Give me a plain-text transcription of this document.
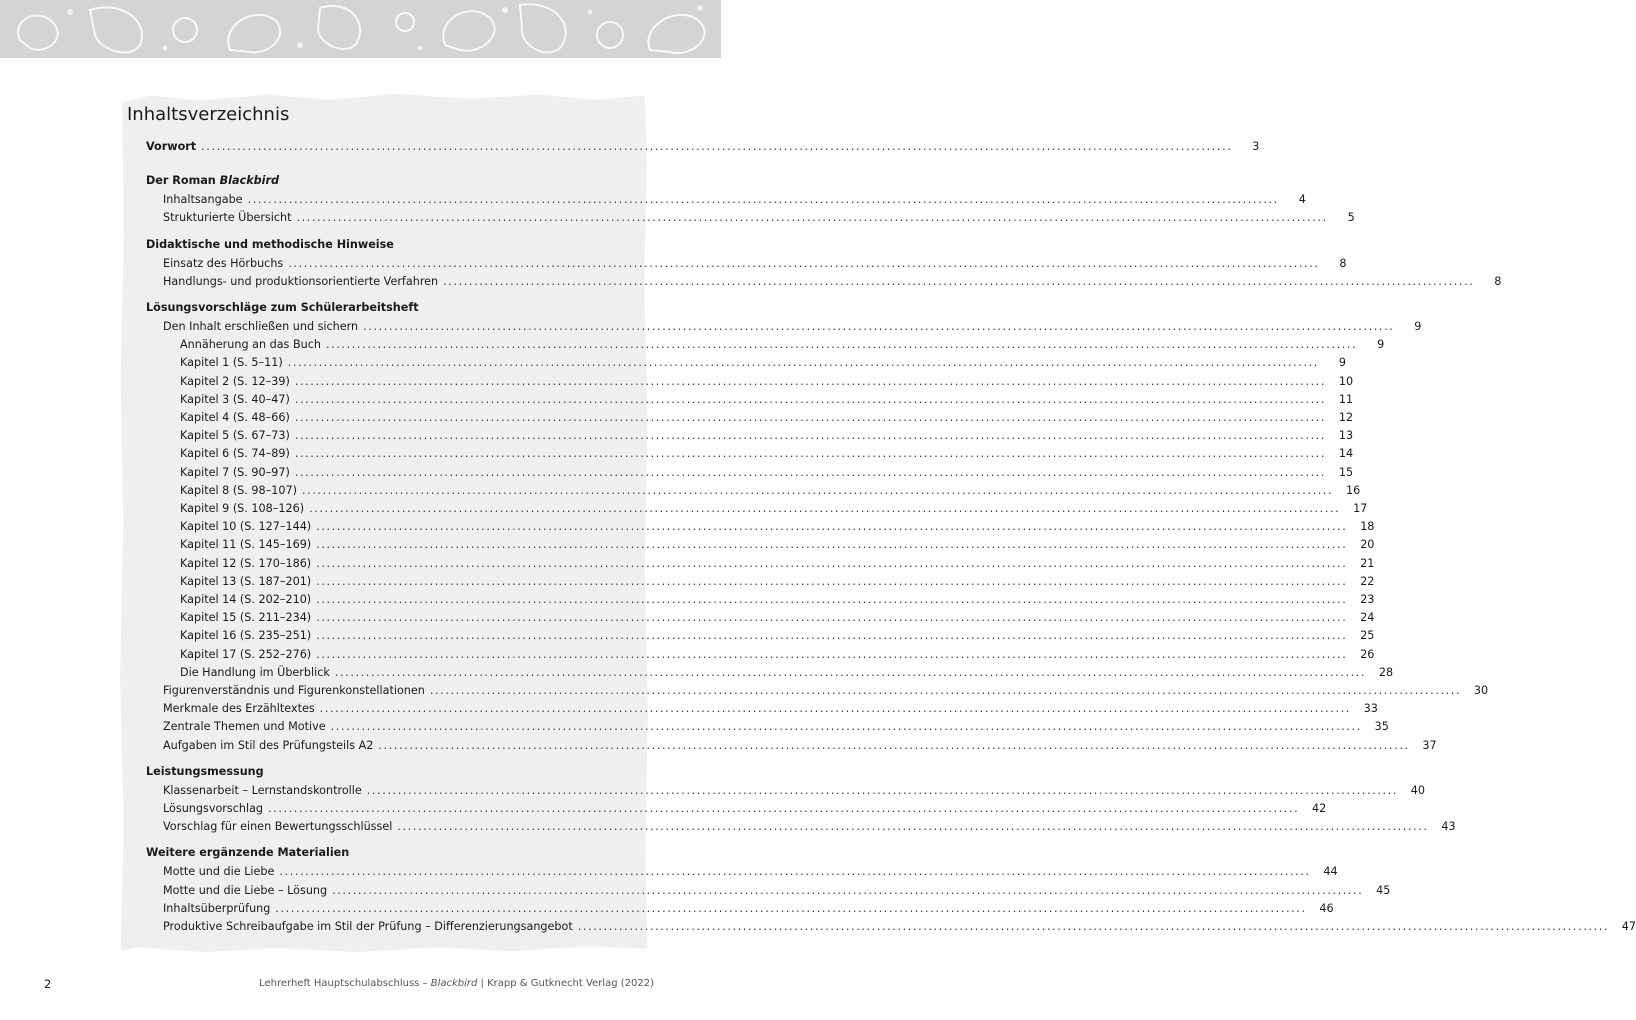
Inhaltsverzeichnis
Vorwort ........................................................................................................................................................................................................	3
Der Roman Blackbird
Inhaltsangabe ........................................................................................................................................................................................................	4
Strukturierte Übersicht ........................................................................................................................................................................................................	5
Didaktische und methodische Hinweise
Einsatz des Hörbuchs ........................................................................................................................................................................................................	8
Handlungs- und produktionsorientierte Verfahren ........................................................................................................................................................................................................	8
Lösungsvorschläge zum Schülerarbeitsheft
Den Inhalt erschließen und sichern ........................................................................................................................................................................................................	9
Annäherung an das Buch ........................................................................................................................................................................................................	9
Kapitel 1 (S. 5–11) ........................................................................................................................................................................................................	9
Kapitel 2 (S. 12–39) ........................................................................................................................................................................................................	10
Kapitel 3 (S. 40–47) ........................................................................................................................................................................................................	11
Kapitel 4 (S. 48–66) ........................................................................................................................................................................................................	12
Kapitel 5 (S. 67–73) ........................................................................................................................................................................................................	13
Kapitel 6 (S. 74–89) ........................................................................................................................................................................................................	14
Kapitel 7 (S. 90–97) ........................................................................................................................................................................................................	15
Kapitel 8 (S. 98–107) ........................................................................................................................................................................................................	16
Kapitel 9 (S. 108–126) ........................................................................................................................................................................................................	17
Kapitel 10 (S. 127–144) ........................................................................................................................................................................................................	18
Kapitel 11 (S. 145–169) ........................................................................................................................................................................................................	20
Kapitel 12 (S. 170–186) ........................................................................................................................................................................................................	21
Kapitel 13 (S. 187–201) ........................................................................................................................................................................................................	22
Kapitel 14 (S. 202–210) ........................................................................................................................................................................................................	23
Kapitel 15 (S. 211–234) ........................................................................................................................................................................................................	24
Kapitel 16 (S. 235–251) ........................................................................................................................................................................................................	25
Kapitel 17 (S. 252–276) ........................................................................................................................................................................................................	26
Die Handlung im Überblick ........................................................................................................................................................................................................	28
Figurenverständnis und Figurenkonstellationen ........................................................................................................................................................................................................	30
Merkmale des Erzähltextes ........................................................................................................................................................................................................	33
Zentrale Themen und Motive ........................................................................................................................................................................................................	35
Aufgaben im Stil des Prüfungsteils A2 ........................................................................................................................................................................................................	37
Leistungsmessung
Klassenarbeit – Lernstandskontrolle ........................................................................................................................................................................................................	40
Lösungsvorschlag ........................................................................................................................................................................................................	42
Vorschlag für einen Bewertungsschlüssel ........................................................................................................................................................................................................	43
Weitere ergänzende Materialien
Motte und die Liebe ........................................................................................................................................................................................................	44
Motte und die Liebe – Lösung ........................................................................................................................................................................................................	45
Inhaltsüberprüfung ........................................................................................................................................................................................................	46
Produktive Schreibaufgabe im Stil der Prüfung – Differenzierungsangebot ........................................................................................................................................................................................................	47
2	Lehrerheft Hauptschulabschluss – Blackbird | Krapp & Gutknecht Verlag (2022)
